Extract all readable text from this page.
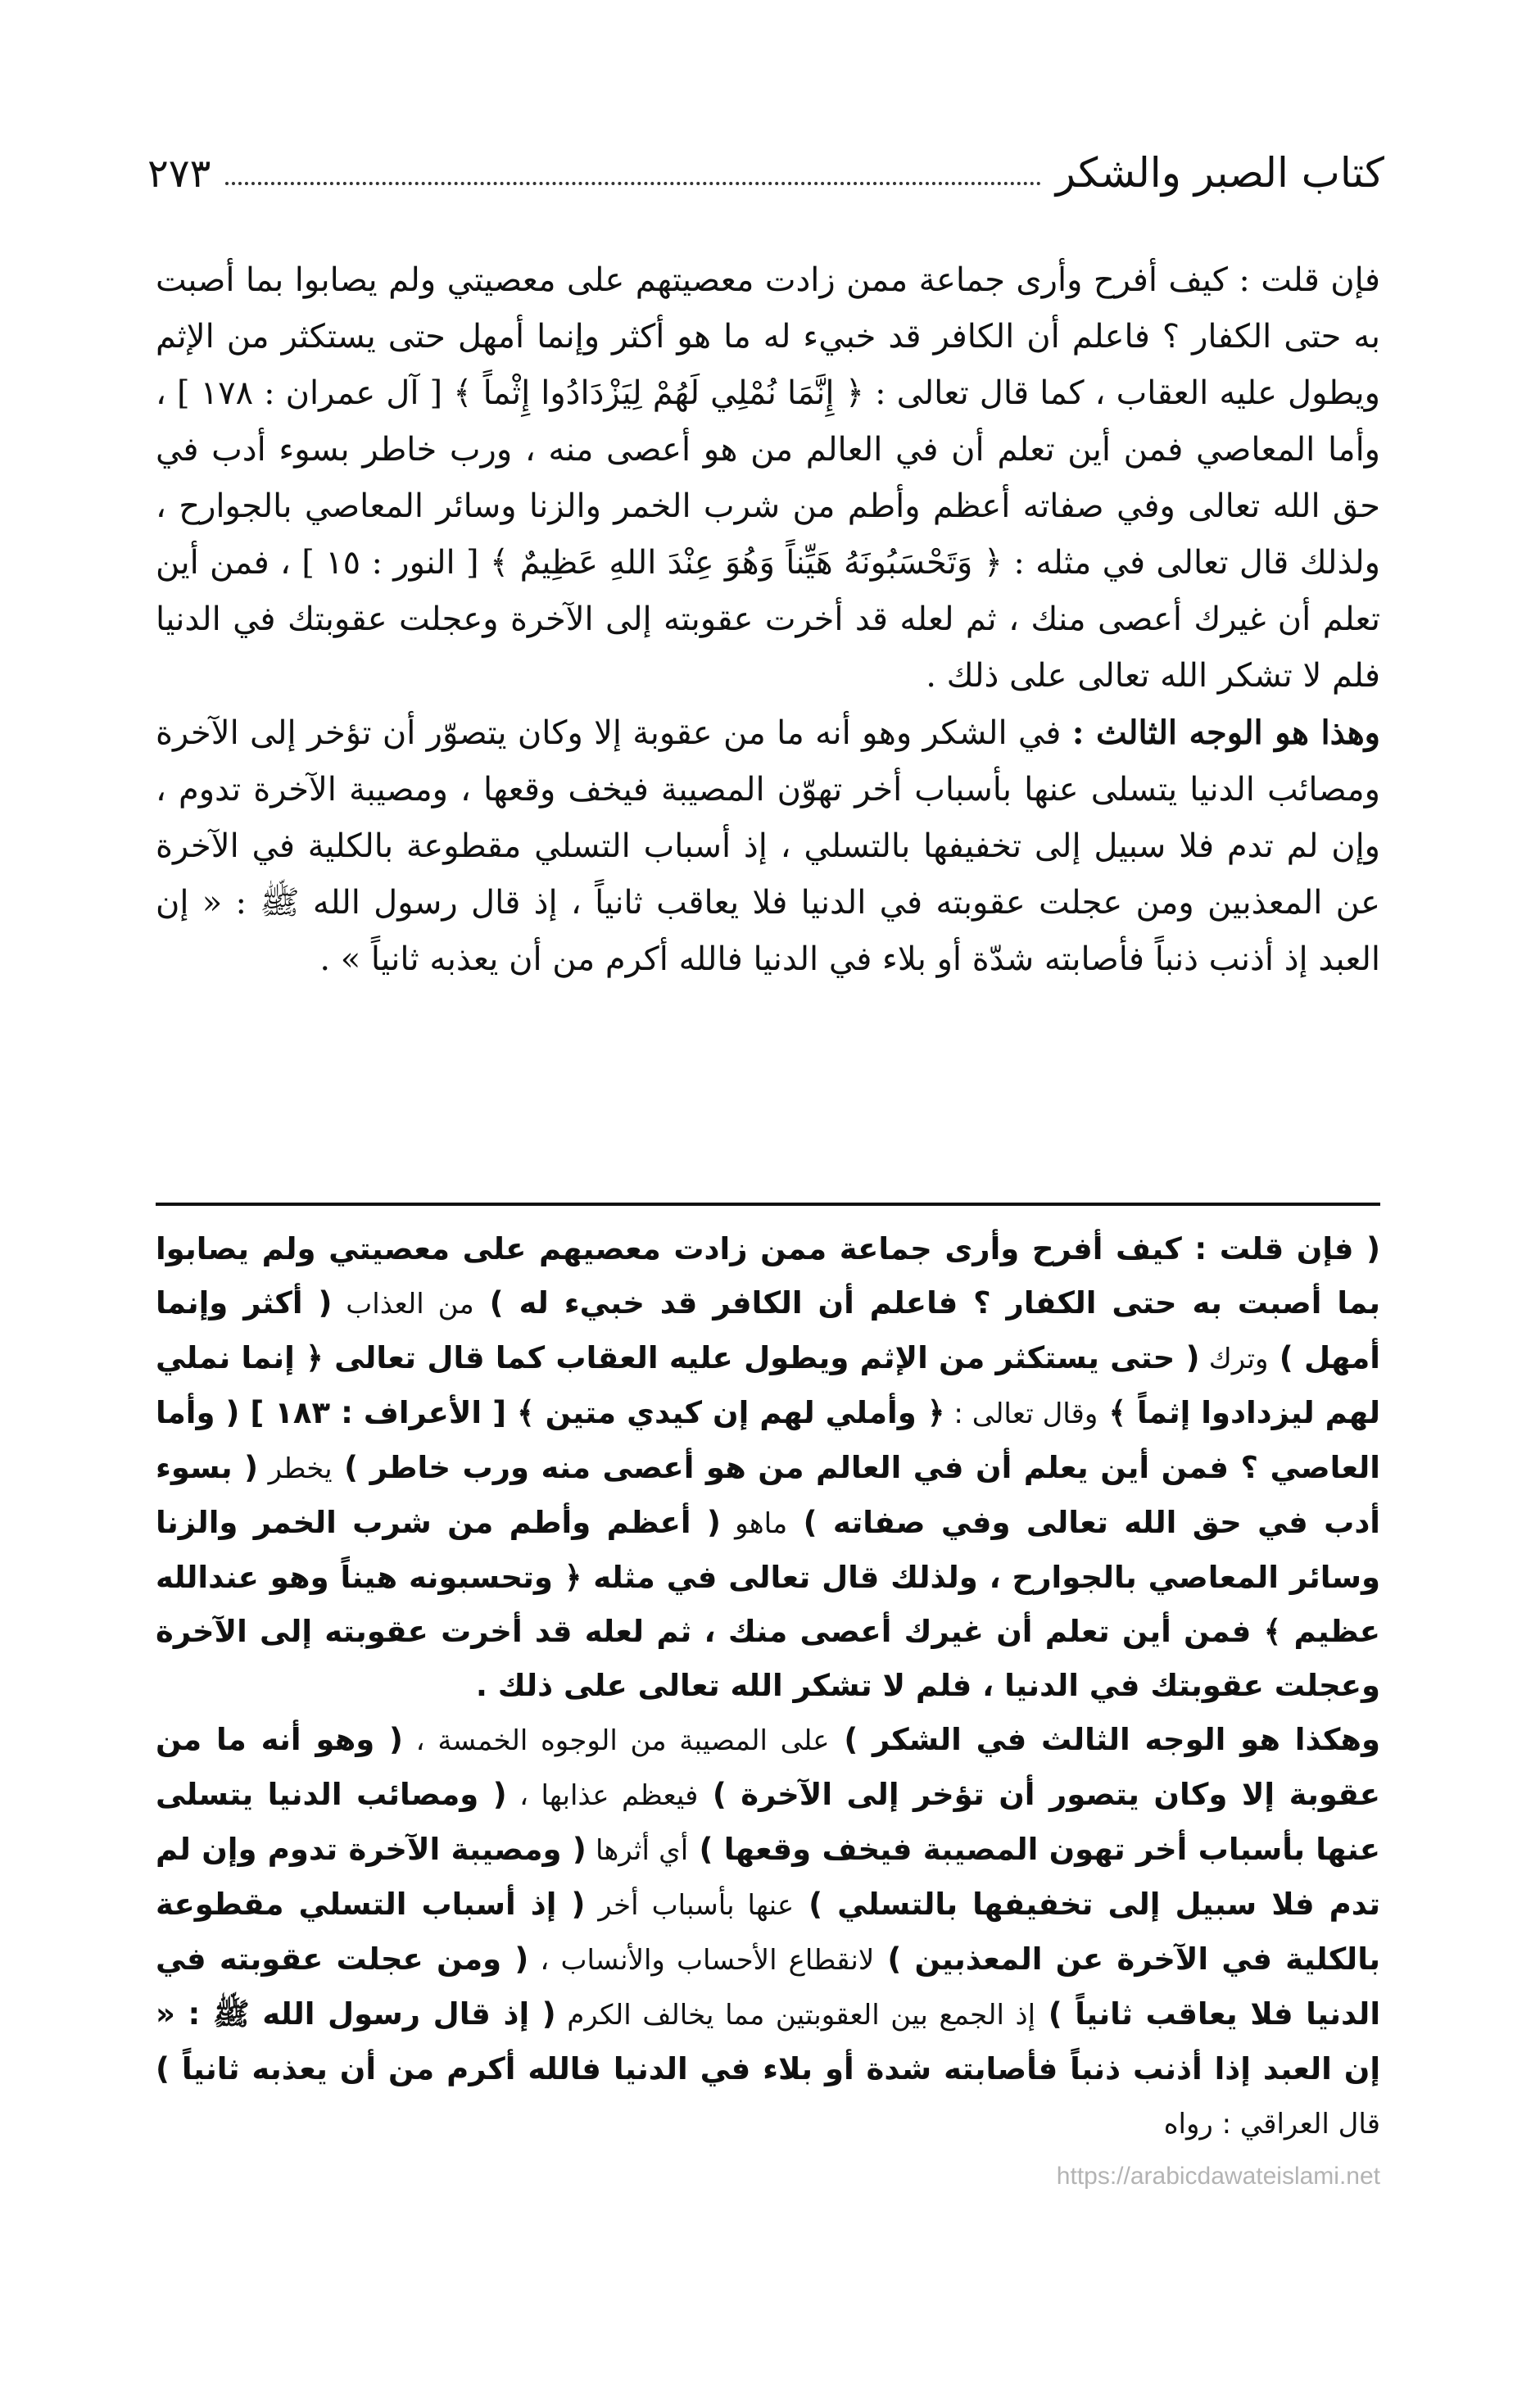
كتاب الصبر والشكر
٢٧٣

فإن قلت : كيف أفرح وأرى جماعة ممن زادت معصيتهم على معصيتي ولم يصابوا بما أصبت به حتى الكفار ؟ فاعلم أن الكافر قد خبيء له ما هو أكثر وإنما أمهل حتى يستكثر من الإثم ويطول عليه العقاب ، كما قال تعالى : ﴿ إِنَّمَا نُمْلِي لَهُمْ لِيَزْدَادُوا إِثْماً ﴾ [ آل عمران : ١٧٨ ] ، وأما المعاصي فمن أين تعلم أن في العالم من هو أعصى منه ، ورب خاطر بسوء أدب في حق الله تعالى وفي صفاته أعظم وأطم من شرب الخمر والزنا وسائر المعاصي بالجوارح ، ولذلك قال تعالى في مثله : ﴿ وَتَحْسَبُونَهُ هَيِّناً وَهُوَ عِنْدَ اللهِ عَظِيمٌ ﴾ [ النور : ١٥ ] ، فمن أين تعلم أن غيرك أعصى منك ، ثم لعله قد أخرت عقوبته إلى الآخرة وعجلت عقوبتك في الدنيا فلم لا تشكر الله تعالى على ذلك .

وهذا هو الوجه الثالث : في الشكر وهو أنه ما من عقوبة إلا وكان يتصوّر أن تؤخر إلى الآخرة ومصائب الدنيا يتسلى عنها بأسباب أخر تهوّن المصيبة فيخف وقعها ، ومصيبة الآخرة تدوم ، وإن لم تدم فلا سبيل إلى تخفيفها بالتسلي ، إذ أسباب التسلي مقطوعة بالكلية في الآخرة عن المعذبين ومن عجلت عقوبته في الدنيا فلا يعاقب ثانياً ، إذ قال رسول الله ﷺ : « إن العبد إذ أذنب ذنباً فأصابته شدّة أو بلاء في الدنيا فالله أكرم من أن يعذبه ثانياً » .

( فإن قلت : كيف أفرح وأرى جماعة ممن زادت معصيهم على معصيتي ولم يصابوا بما أصبت به حتى الكفار ؟ فاعلم أن الكافر قد خبيء له ) من العذاب ( أكثر وإنما أمهل ) وترك ( حتى يستكثر من الإثم ويطول عليه العقاب كما قال تعالى ﴿ إنما نملي لهم ليزدادوا إثماً ﴾ وقال تعالى : ﴿ وأملي لهم إن كيدي متين ﴾ [ الأعراف : ١٨٣ ] ( وأما العاصي ؟ فمن أين يعلم أن في العالم من هو أعصى منه ورب خاطر ) يخطر ( بسوء أدب في حق الله تعالى وفي صفاته ) ماهو ( أعظم وأطم من شرب الخمر والزنا وسائر المعاصي بالجوارح ، ولذلك قال تعالى في مثله ﴿ وتحسبونه هيناً وهو عندالله عظيم ﴾ فمن أين تعلم أن غيرك أعصى منك ، ثم لعله قد أخرت عقوبته إلى الآخرة وعجلت عقوبتك في الدنيا ، فلم لا تشكر الله تعالى على ذلك .

وهكذا هو الوجه الثالث في الشكر ) على المصيبة من الوجوه الخمسة ، ( وهو أنه ما من عقوبة إلا وكان يتصور أن تؤخر إلى الآخرة ) فيعظم عذابها ، ( ومصائب الدنيا يتسلى عنها بأسباب أخر تهون المصيبة فيخف وقعها ) أي أثرها ( ومصيبة الآخرة تدوم وإن لم تدم فلا سبيل إلى تخفيفها بالتسلي ) عنها بأسباب أخر ( إذ أسباب التسلي مقطوعة بالكلية في الآخرة عن المعذبين ) لانقطاع الأحساب والأنساب ، ( ومن عجلت عقوبته في الدنيا فلا يعاقب ثانياً ) إذ الجمع بين العقوبتين مما يخالف الكرم ( إذ قال رسول الله ﷺ : « إن العبد إذا أذنب ذنباً فأصابته شدة أو بلاء في الدنيا فالله أكرم من أن يعذبه ثانياً ) قال العراقي : رواه

https://arabicdawateislami.net
